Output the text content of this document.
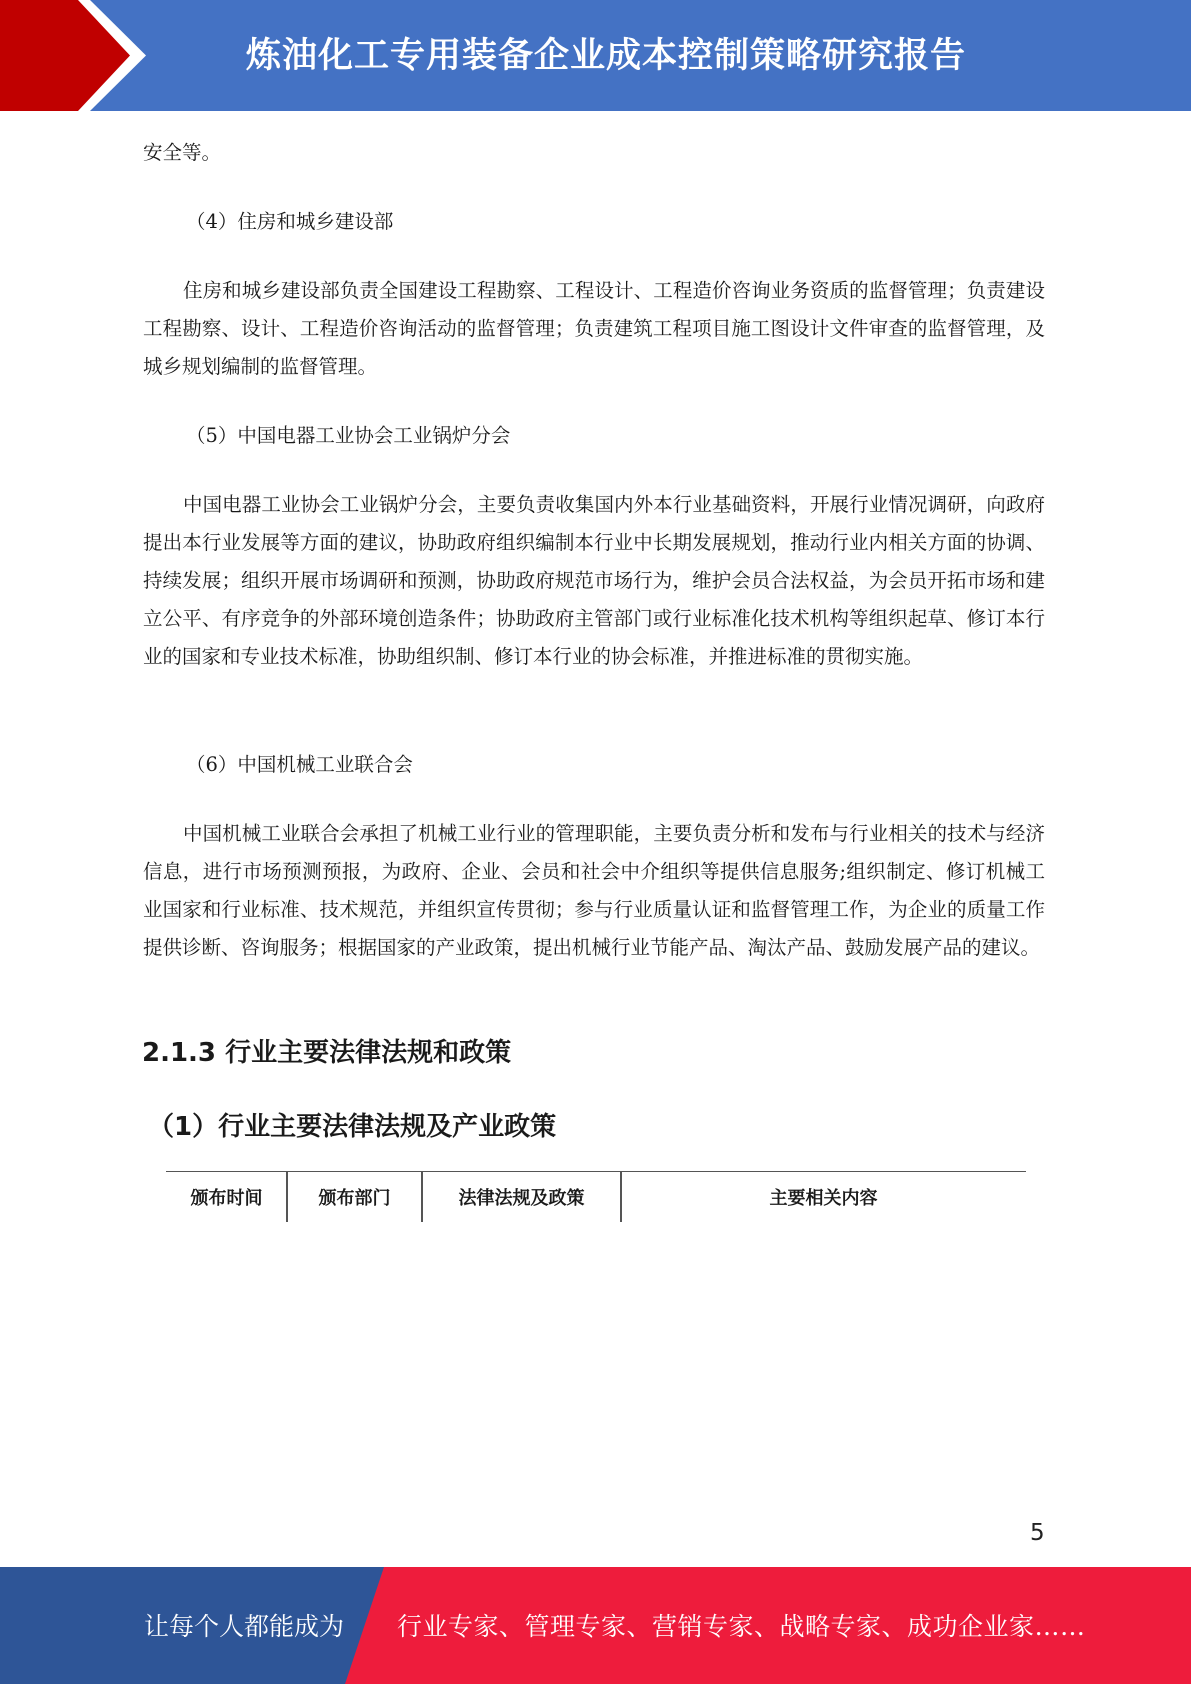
炼油化工专用装备企业成本控制策略研究报告
安全等。
（4）住房和城乡建设部
住房和城乡建设部负责全国建设工程勘察、工程设计、工程造价咨询业务资质的监督管理；负责建设工程勘察、设计、工程造价咨询活动的监督管理；负责建筑工程项目施工图设计文件审查的监督管理，及城乡规划编制的监督管理。
（5）中国电器工业协会工业锅炉分会
中国电器工业协会工业锅炉分会，主要负责收集国内外本行业基础资料，开展行业情况调研，向政府提出本行业发展等方面的建议，协助政府组织编制本行业中长期发展规划，推动行业内相关方面的协调、持续发展；组织开展市场调研和预测，协助政府规范市场行为，维护会员合法权益，为会员开拓市场和建立公平、有序竞争的外部环境创造条件；协助政府主管部门或行业标准化技术机构等组织起草、修订本行业的国家和专业技术标准，协助组织制、修订本行业的协会标准，并推进标准的贯彻实施。
（6）中国机械工业联合会
中国机械工业联合会承担了机械工业行业的管理职能，主要负责分析和发布与行业相关的技术与经济信息，进行市场预测预报，为政府、企业、会员和社会中介组织等提供信息服务;组织制定、修订机械工业国家和行业标准、技术规范，并组织宣传贯彻；参与行业质量认证和监督管理工作，为企业的质量工作提供诊断、咨询服务；根据国家的产业政策，提出机械行业节能产品、淘汰产品、鼓励发展产品的建议。
2.1.3 行业主要法律法规和政策
（1）行业主要法律法规及产业政策
颁布时间	颁布部门	法律法规及政策	主要相关内容
5
让每个人都能成为 行业专家、管理专家、营销专家、战略专家、成功企业家……
